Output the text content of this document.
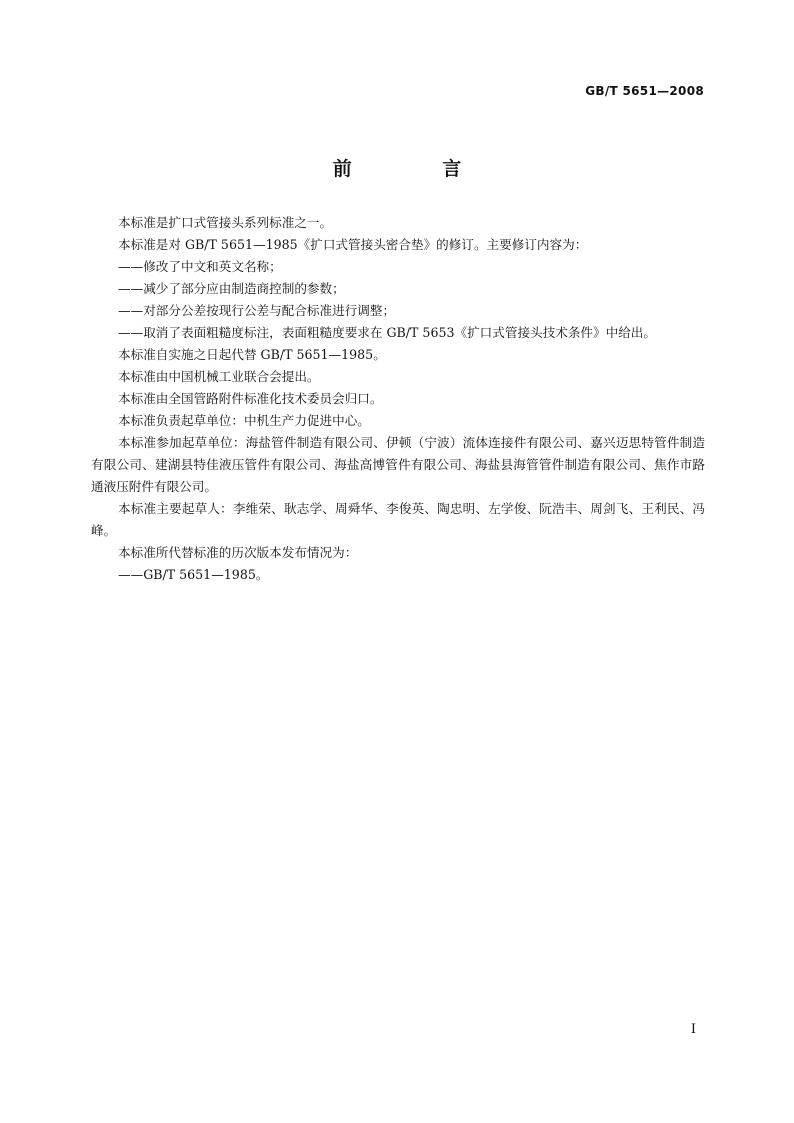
GB/T 5651—2008
前 言

本标准是扩口式管接头系列标准之一。

本标准是对 GB/T 5651—1985《扩口式管接头密合垫》的修订。主要修订内容为：

——修改了中文和英文名称；

——减少了部分应由制造商控制的参数；

——对部分公差按现行公差与配合标准进行调整；

——取消了表面粗糙度标注，表面粗糙度要求在 GB/T 5653《扩口式管接头技术条件》中给出。

本标准自实施之日起代替 GB/T 5651—1985。

本标准由中国机械工业联合会提出。

本标准由全国管路附件标准化技术委员会归口。

本标准负责起草单位：中机生产力促进中心。

本标准参加起草单位：海盐管件制造有限公司、伊顿（宁波）流体连接件有限公司、嘉兴迈思特管件制造有限公司、建湖县特佳液压管件有限公司、海盐高博管件有限公司、海盐县海管管件制造有限公司、焦作市路通液压附件有限公司。

本标准主要起草人：李维荣、耿志学、周舜华、李俊英、陶忠明、左学俊、阮浩丰、周剑飞、王利民、冯峰。

本标准所代替标准的历次版本发布情况为：

——GB/T 5651—1985。

I
